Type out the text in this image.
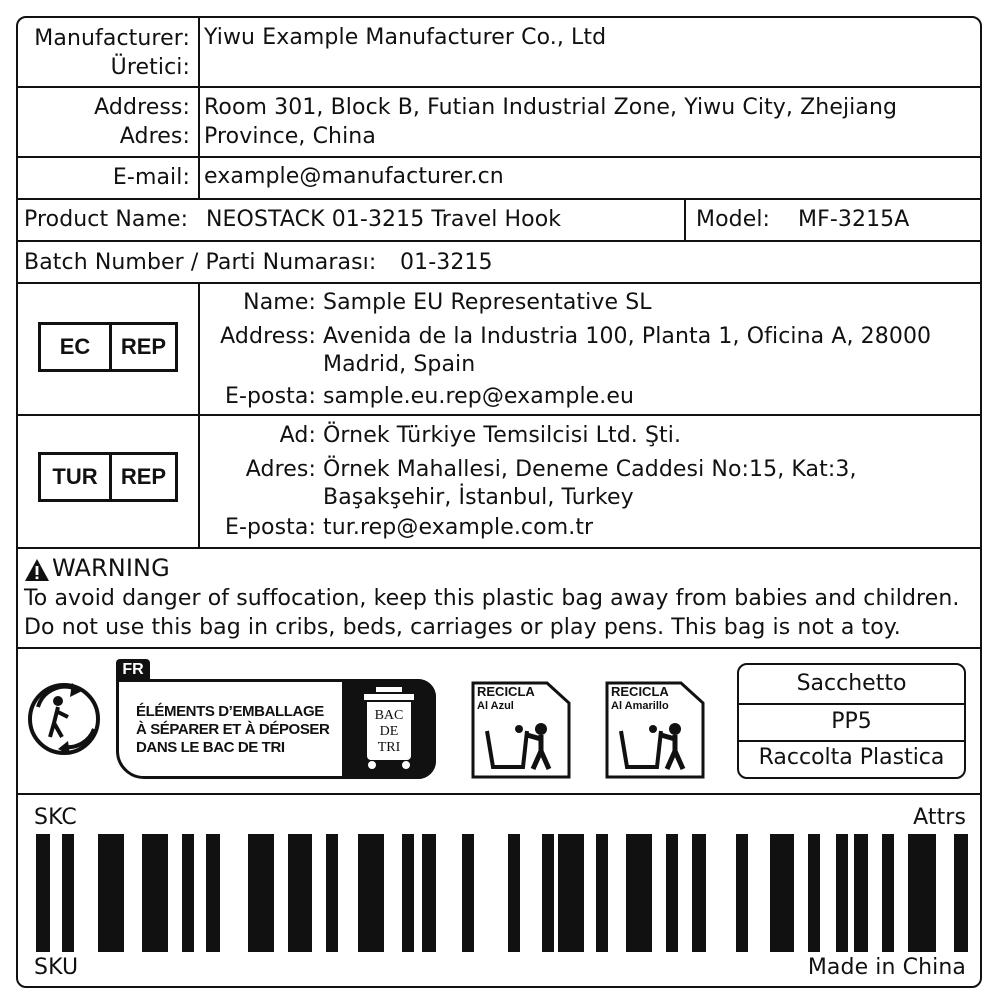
Manufacturer:
Üretici:
Yiwu Example Manufacturer Co., Ltd
Address:
Adres:
Room 301, Block B, Futian Industrial Zone, Yiwu City, Zhejiang
Province, China
E-mail: example@manufacturer.cn
Product Name: NEOSTACK 01-3215 Travel Hook	Model: MF-3215A
Batch Number / Parti Numarası: 01-3215
EC	REP
Name: Sample EU Representative SL
Address: Avenida de la Industria 100, Planta 1, Oficina A, 28000
Madrid, Spain
E-posta: sample.eu.rep@example.eu
TUR	REP
Ad: Örnek Türkiye Temsilcisi Ltd. Şti.
Adres: Örnek Mahallesi, Deneme Caddesi No:15, Kat:3,
Başakşehir, İstanbul, Turkey
E-posta: tur.rep@example.com.tr
WARNING
To avoid danger of suffocation, keep this plastic bag away from babies and children.
Do not use this bag in cribs, beds, carriages or play pens. This bag is not a toy.
FR
ÉLÉMENTS D’EMBALLAGE
À SÉPARER ET À DÉPOSER
DANS LE BAC DE TRI
BAC
DE
TRI
RECICLA
Al Azul
RECICLA
Al Amarillo
Sacchetto
PP5
Raccolta Plastica
SKC	Attrs
SKU	Made in China
